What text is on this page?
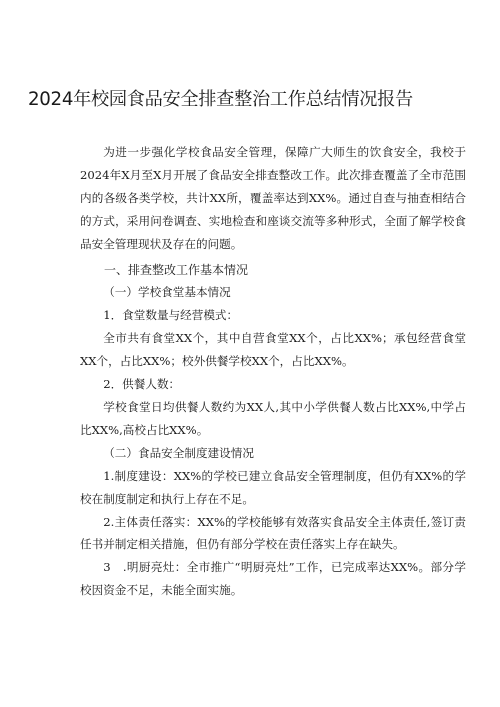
2024年校园食品安全排查整治工作总结情况报告

为进一步强化学校食品安全管理，保障广大师生的饮食安全，我校于2024年X月至X月开展了食品安全排查整改工作。此次排查覆盖了全市范围内的各级各类学校，共计XX所，覆盖率达到XX%。通过自查与抽查相结合的方式，采用问卷调查、实地检查和座谈交流等多种形式，全面了解学校食品安全管理现状及存在的问题。

一、排查整改工作基本情况

（一）学校食堂基本情况

1．食堂数量与经营模式：

全市共有食堂XX个，其中自营食堂XX个，占比XX%；承包经营食堂XX个，占比XX%；校外供餐学校XX个，占比XX%。

2．供餐人数：

学校食堂日均供餐人数约为XX人,其中小学供餐人数占比XX%,中学占比XX%,高校占比XX%。

（二）食品安全制度建设情况

1.制度建设：XX%的学校已建立食品安全管理制度，但仍有XX%的学校在制度制定和执行上存在不足。

2.主体责任落实：XX%的学校能够有效落实食品安全主体责任,签订责任书并制定相关措施，但仍有部分学校在责任落实上存在缺失。

3　.明厨亮灶：全市推广“明厨亮灶”工作，已完成率达XX%。部分学校因资金不足，未能全面实施。
